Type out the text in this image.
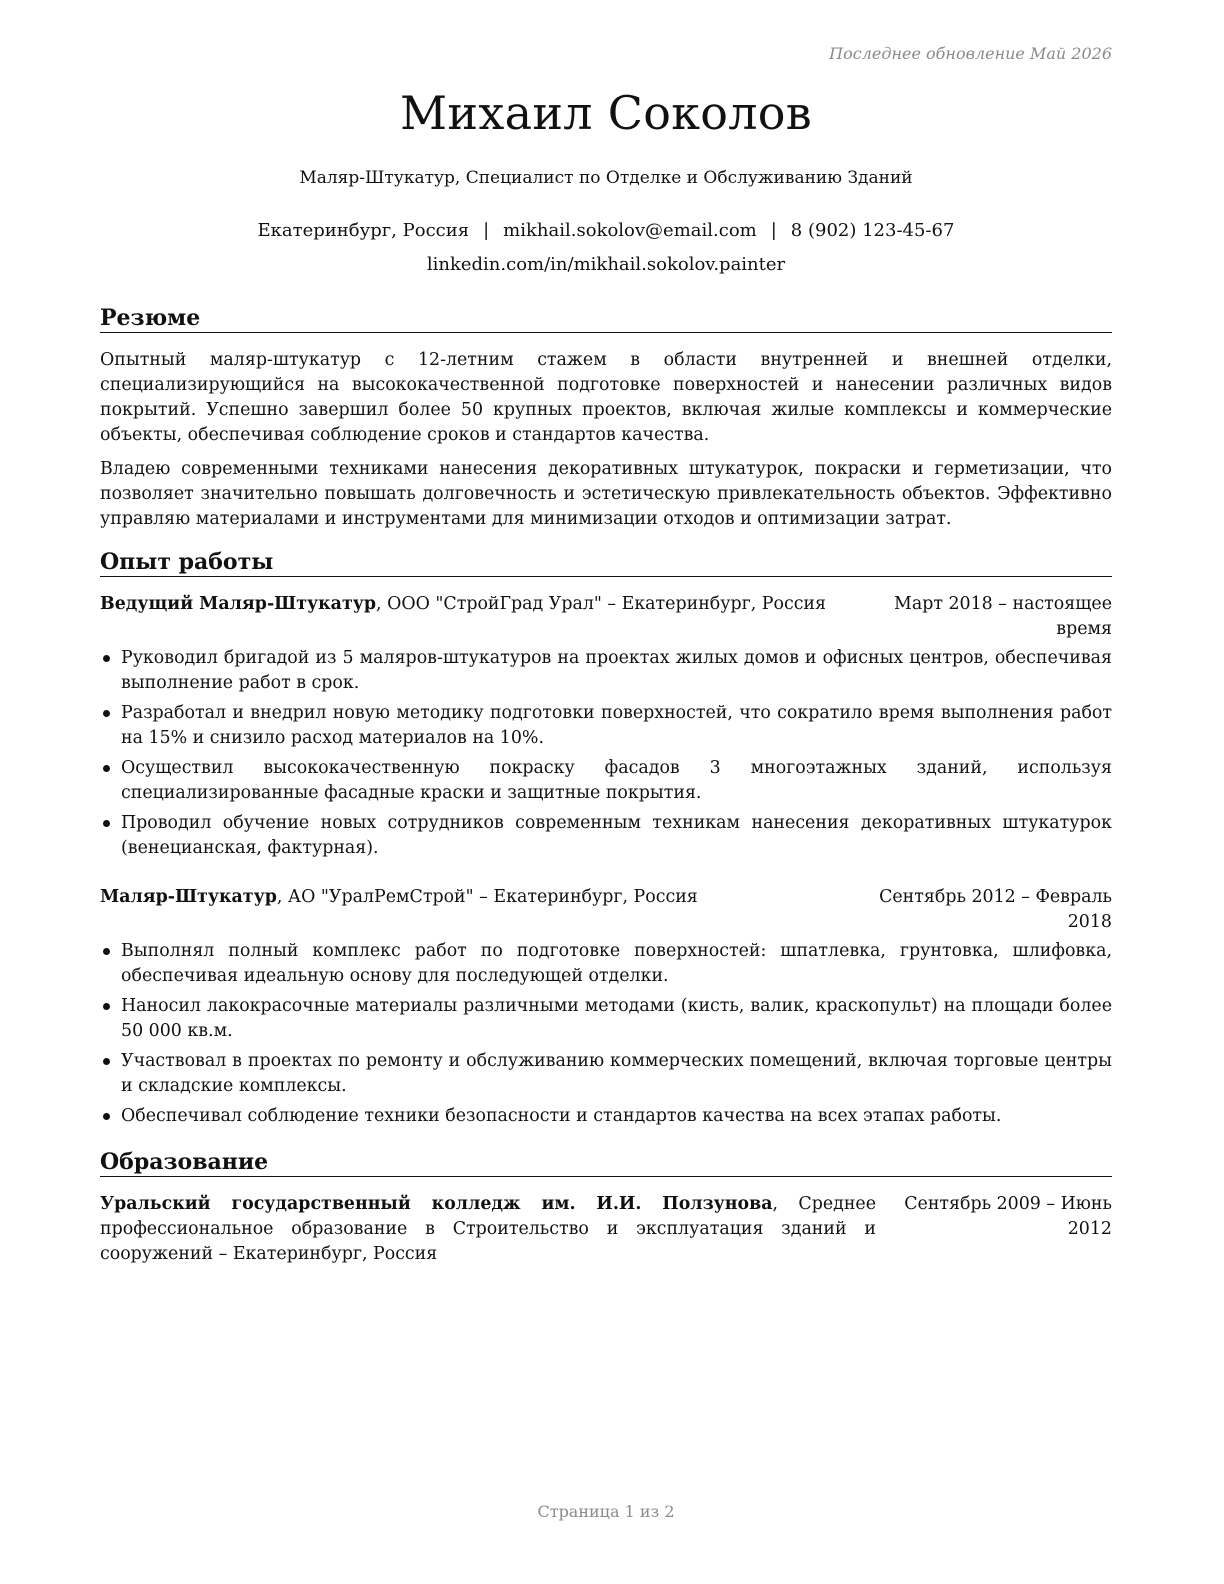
Последнее обновление Май 2026
Михаил Соколов
Маляр-Штукатур, Специалист по Отделке и Обслуживанию Зданий
Екатеринбург, Россия | mikhail.sokolov@email.com | 8 (902) 123-45-67
linkedin.com/in/mikhail.sokolov.painter
Резюме

Опытный маляр-штукатур с 12-летним стажем в области внутренней и внешней отделки, специализирующийся на высококачественной подготовке поверхностей и нанесении различных видов покрытий. Успешно завершил более 50 крупных проектов, включая жилые комплексы и коммерческие объекты, обеспечивая соблюдение сроков и стандартов качества.

Владею современными техниками нанесения декоративных штукатурок, покраски и герметизации, что позволяет значительно повышать долговечность и эстетическую привлекательность объектов. Эффективно управляю материалами и инструментами для минимизации отходов и оптимизации затрат.

Опыт работы
Ведущий Маляр-Штукатур, ООО "СтройГрад Урал" – Екатеринбург, Россия	Март 2018 – настоящее время
Руководил бригадой из 5 маляров-штукатуров на проектах жилых домов и офисных центров, обеспечивая выполнение работ в срок.
Разработал и внедрил новую методику подготовки поверхностей, что сократило время выполнения работ на 15% и снизило расход материалов на 10%.
Осуществил высококачественную покраску фасадов 3 многоэтажных зданий, используя специализированные фасадные краски и защитные покрытия.
Проводил обучение новых сотрудников современным техникам нанесения декоративных штукатурок (венецианская, фактурная).
Маляр-Штукатур, АО "УралРемСтрой" – Екатеринбург, Россия	Сентябрь 2012 – Февраль 2018
Выполнял полный комплекс работ по подготовке поверхностей: шпатлевка, грунтовка, шлифовка, обеспечивая идеальную основу для последующей отделки.
Наносил лакокрасочные материалы различными методами (кисть, валик, краскопульт) на площади более 50 000 кв.м.
Участвовал в проектах по ремонту и обслуживанию коммерческих помещений, включая торговые центры и складские комплексы.
Обеспечивал соблюдение техники безопасности и стандартов качества на всех этапах работы.
Образование
Уральский государственный колледж им. И.И. Ползунова, Среднее профессиональное образование в Строительство и эксплуатация зданий и сооружений – Екатеринбург, Россия
Сентябрь 2009 – Июнь 2012
Страница 1 из 2
